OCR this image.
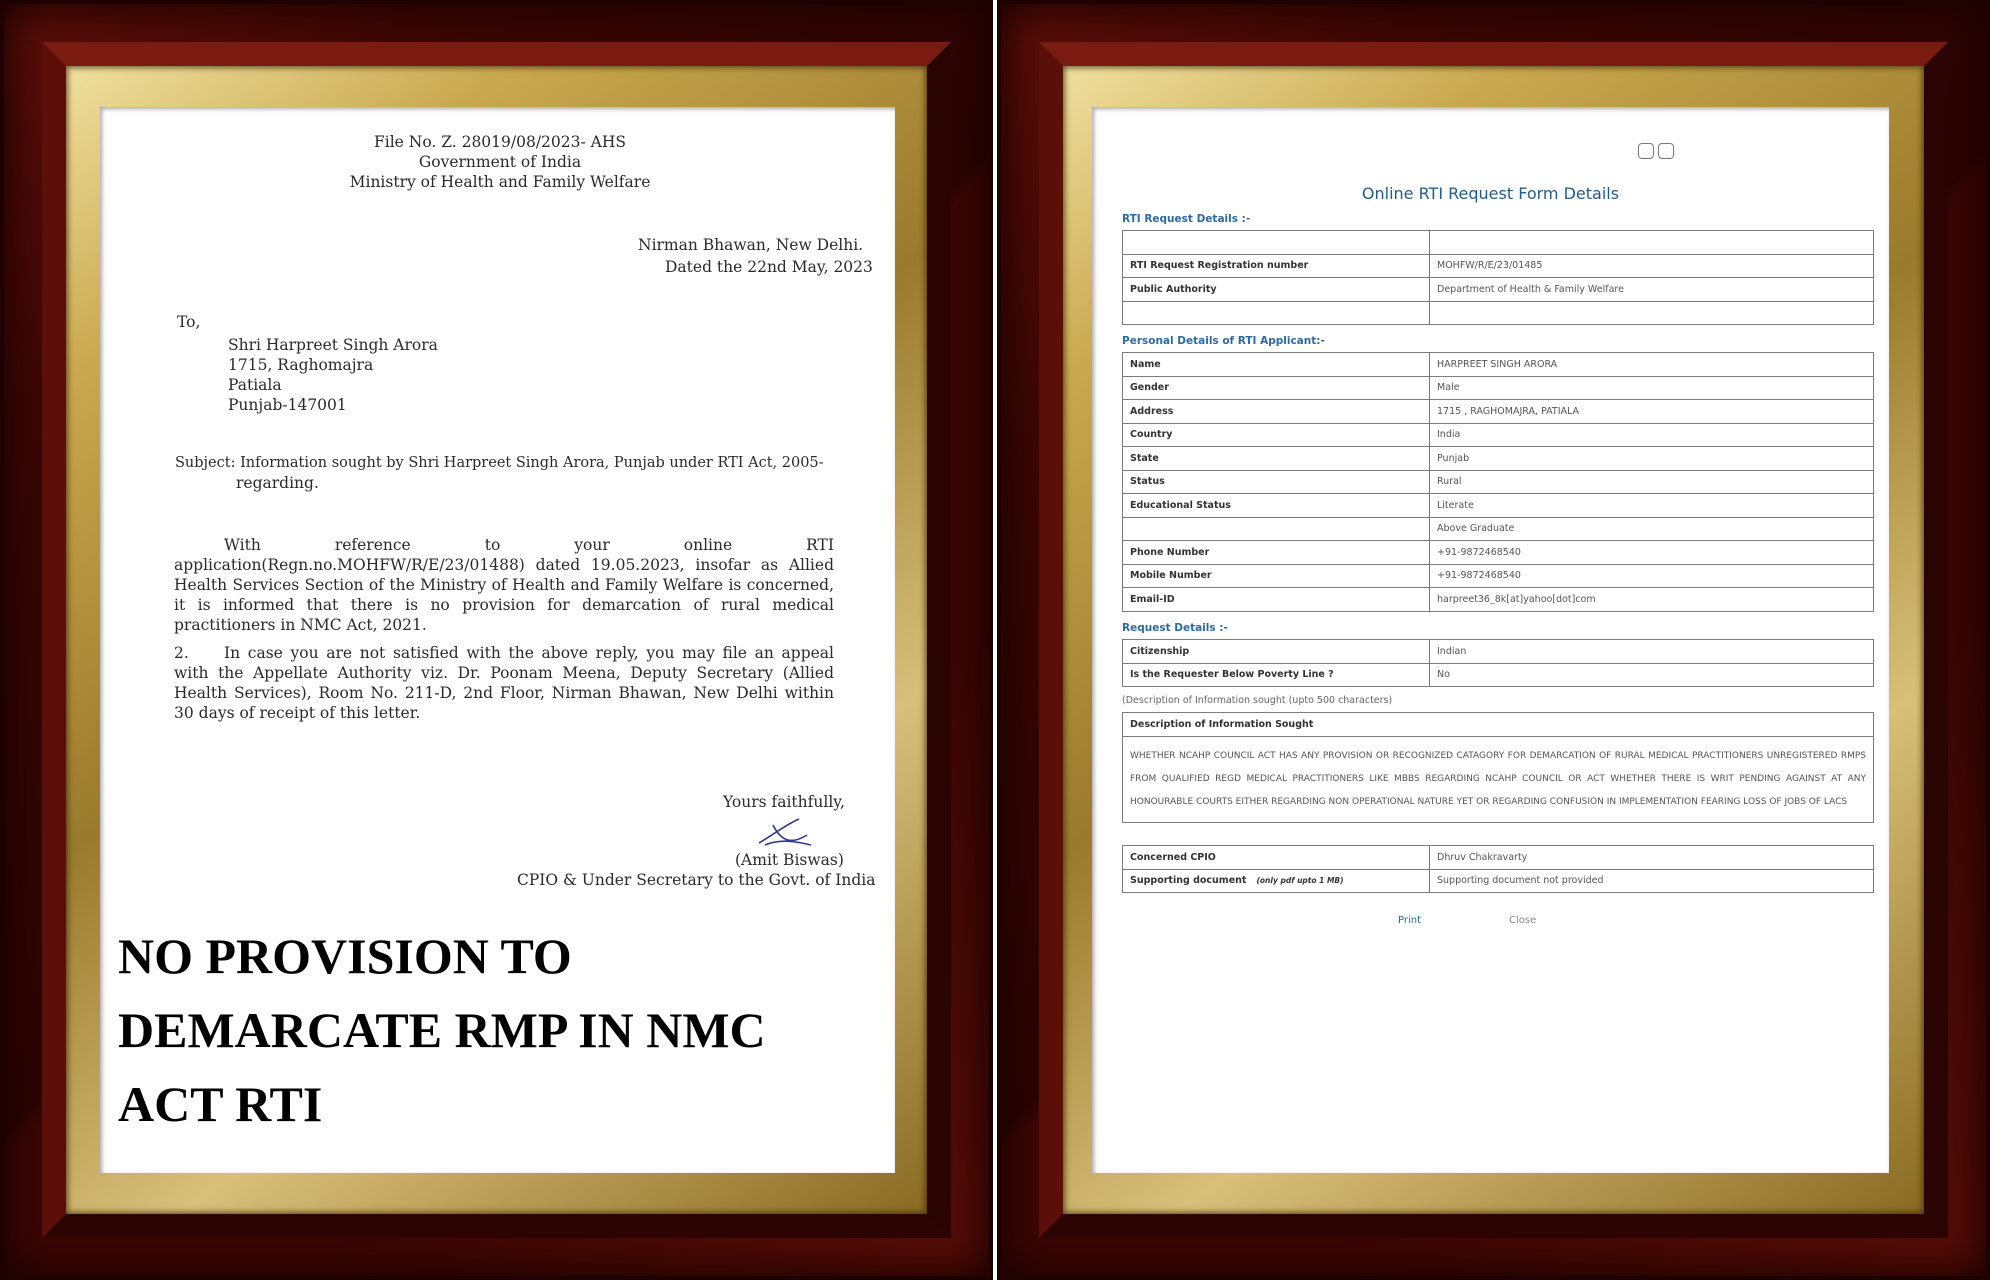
File No. Z. 28019/08/2023- AHS
Government of India
Ministry of Health and Family Welfare
Nirman Bhawan, New Delhi.
Dated the 22nd May, 2023
To,
Shri Harpreet Singh Arora
1715, Raghomajra
Patiala
Punjab-147001
Subject: Information sought by Shri Harpreet Singh Arora, Punjab under RTI Act, 2005-
regarding.
With reference to your online RTI application(Regn.no.MOHFW/R/E/23/01488) dated 19.05.2023, insofar as Allied Health Services Section of the Ministry of Health and Family Welfare is concerned, it is informed that there is no provision for demarcation of rural medical practitioners in NMC Act, 2021.
2.	In case you are not satisfied with the above reply, you may file an appeal with the Appellate Authority viz. Dr. Poonam Meena, Deputy Secretary (Allied Health Services), Room No. 211-D, 2nd Floor, Nirman Bhawan, New Delhi within 30 days of receipt of this letter.
Yours faithfully,
(Amit Biswas)
CPIO & Under Secretary to the Govt. of India
NO PROVISION TO
DEMARCATE RMP IN NMC
ACT RTI
Online RTI Request Form Details
RTI Request Details :-

RTI Request Registration number	MOHFW/R/E/23/01485
Public Authority	Department of Health & Family Welfare

Personal Details of RTI Applicant:-
Name	HARPREET SINGH ARORA
Gender	Male
Address	1715 , RAGHOMAJRA, PATIALA
Country	India
State	Punjab
Status	Rural
Educational Status	Literate
	Above Graduate
Phone Number	+91-9872468540
Mobile Number	+91-9872468540
Email-ID	harpreet36_8k[at]yahoo[dot]com
Request Details :-
Citizenship	Indian
Is the Requester Below Poverty Line ?	No
(Description of Information sought (upto 500 characters)
Description of Information Sought
WHETHER NCAHP COUNCIL ACT HAS ANY PROVISION OR RECOGNIZED CATAGORY FOR DEMARCATION OF RURAL MEDICAL PRACTITIONERS UNREGISTERED RMPS FROM QUALIFIED REGD MEDICAL PRACTITIONERS LIKE MBBS REGARDING NCAHP COUNCIL OR ACT WHETHER THERE IS WRIT PENDING AGAINST AT ANY HONOURABLE COURTS EITHER REGARDING NON OPERATIONAL NATURE YET OR REGARDING CONFUSION IN IMPLEMENTATION FEARING LOSS OF JOBS OF LACS
Concerned CPIO	Dhruv Chakravarty
Supporting document (only pdf upto 1 MB)	Supporting document not provided
Print	Close
